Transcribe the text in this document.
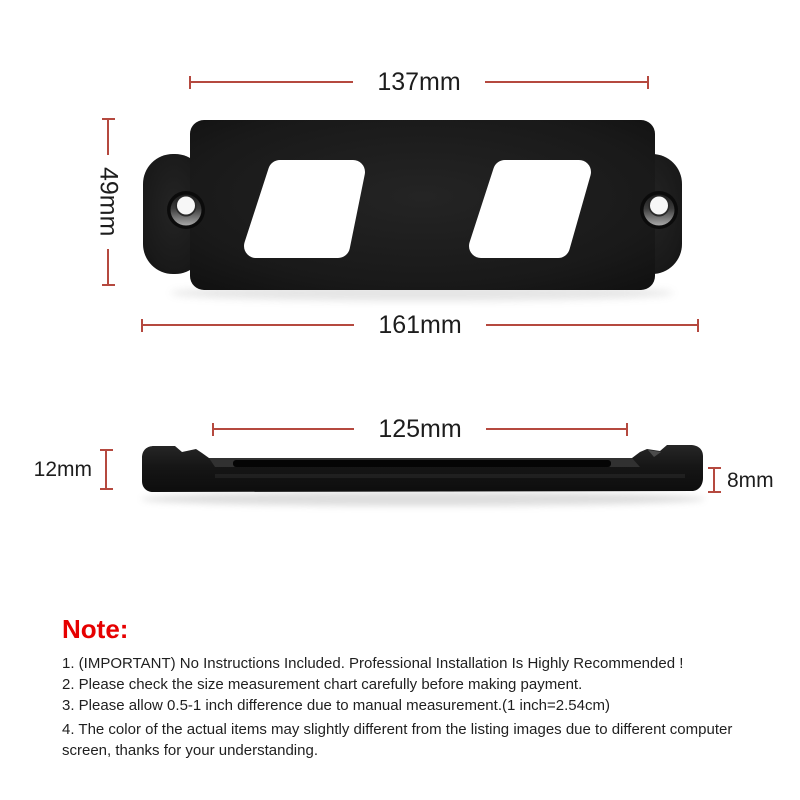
137mm
49mm
161mm
125mm
12mm	8mm
Note:
1. (IMPORTANT) No Instructions Included. Professional Installation Is Highly Recommended !
2. Please check the size measurement chart carefully before making payment.
3. Please allow 0.5-1 inch difference due to manual measurement.(1 inch=2.54cm)
4. The color of the actual items may slightly different from the listing images due to different computer
screen, thanks for your understanding.
